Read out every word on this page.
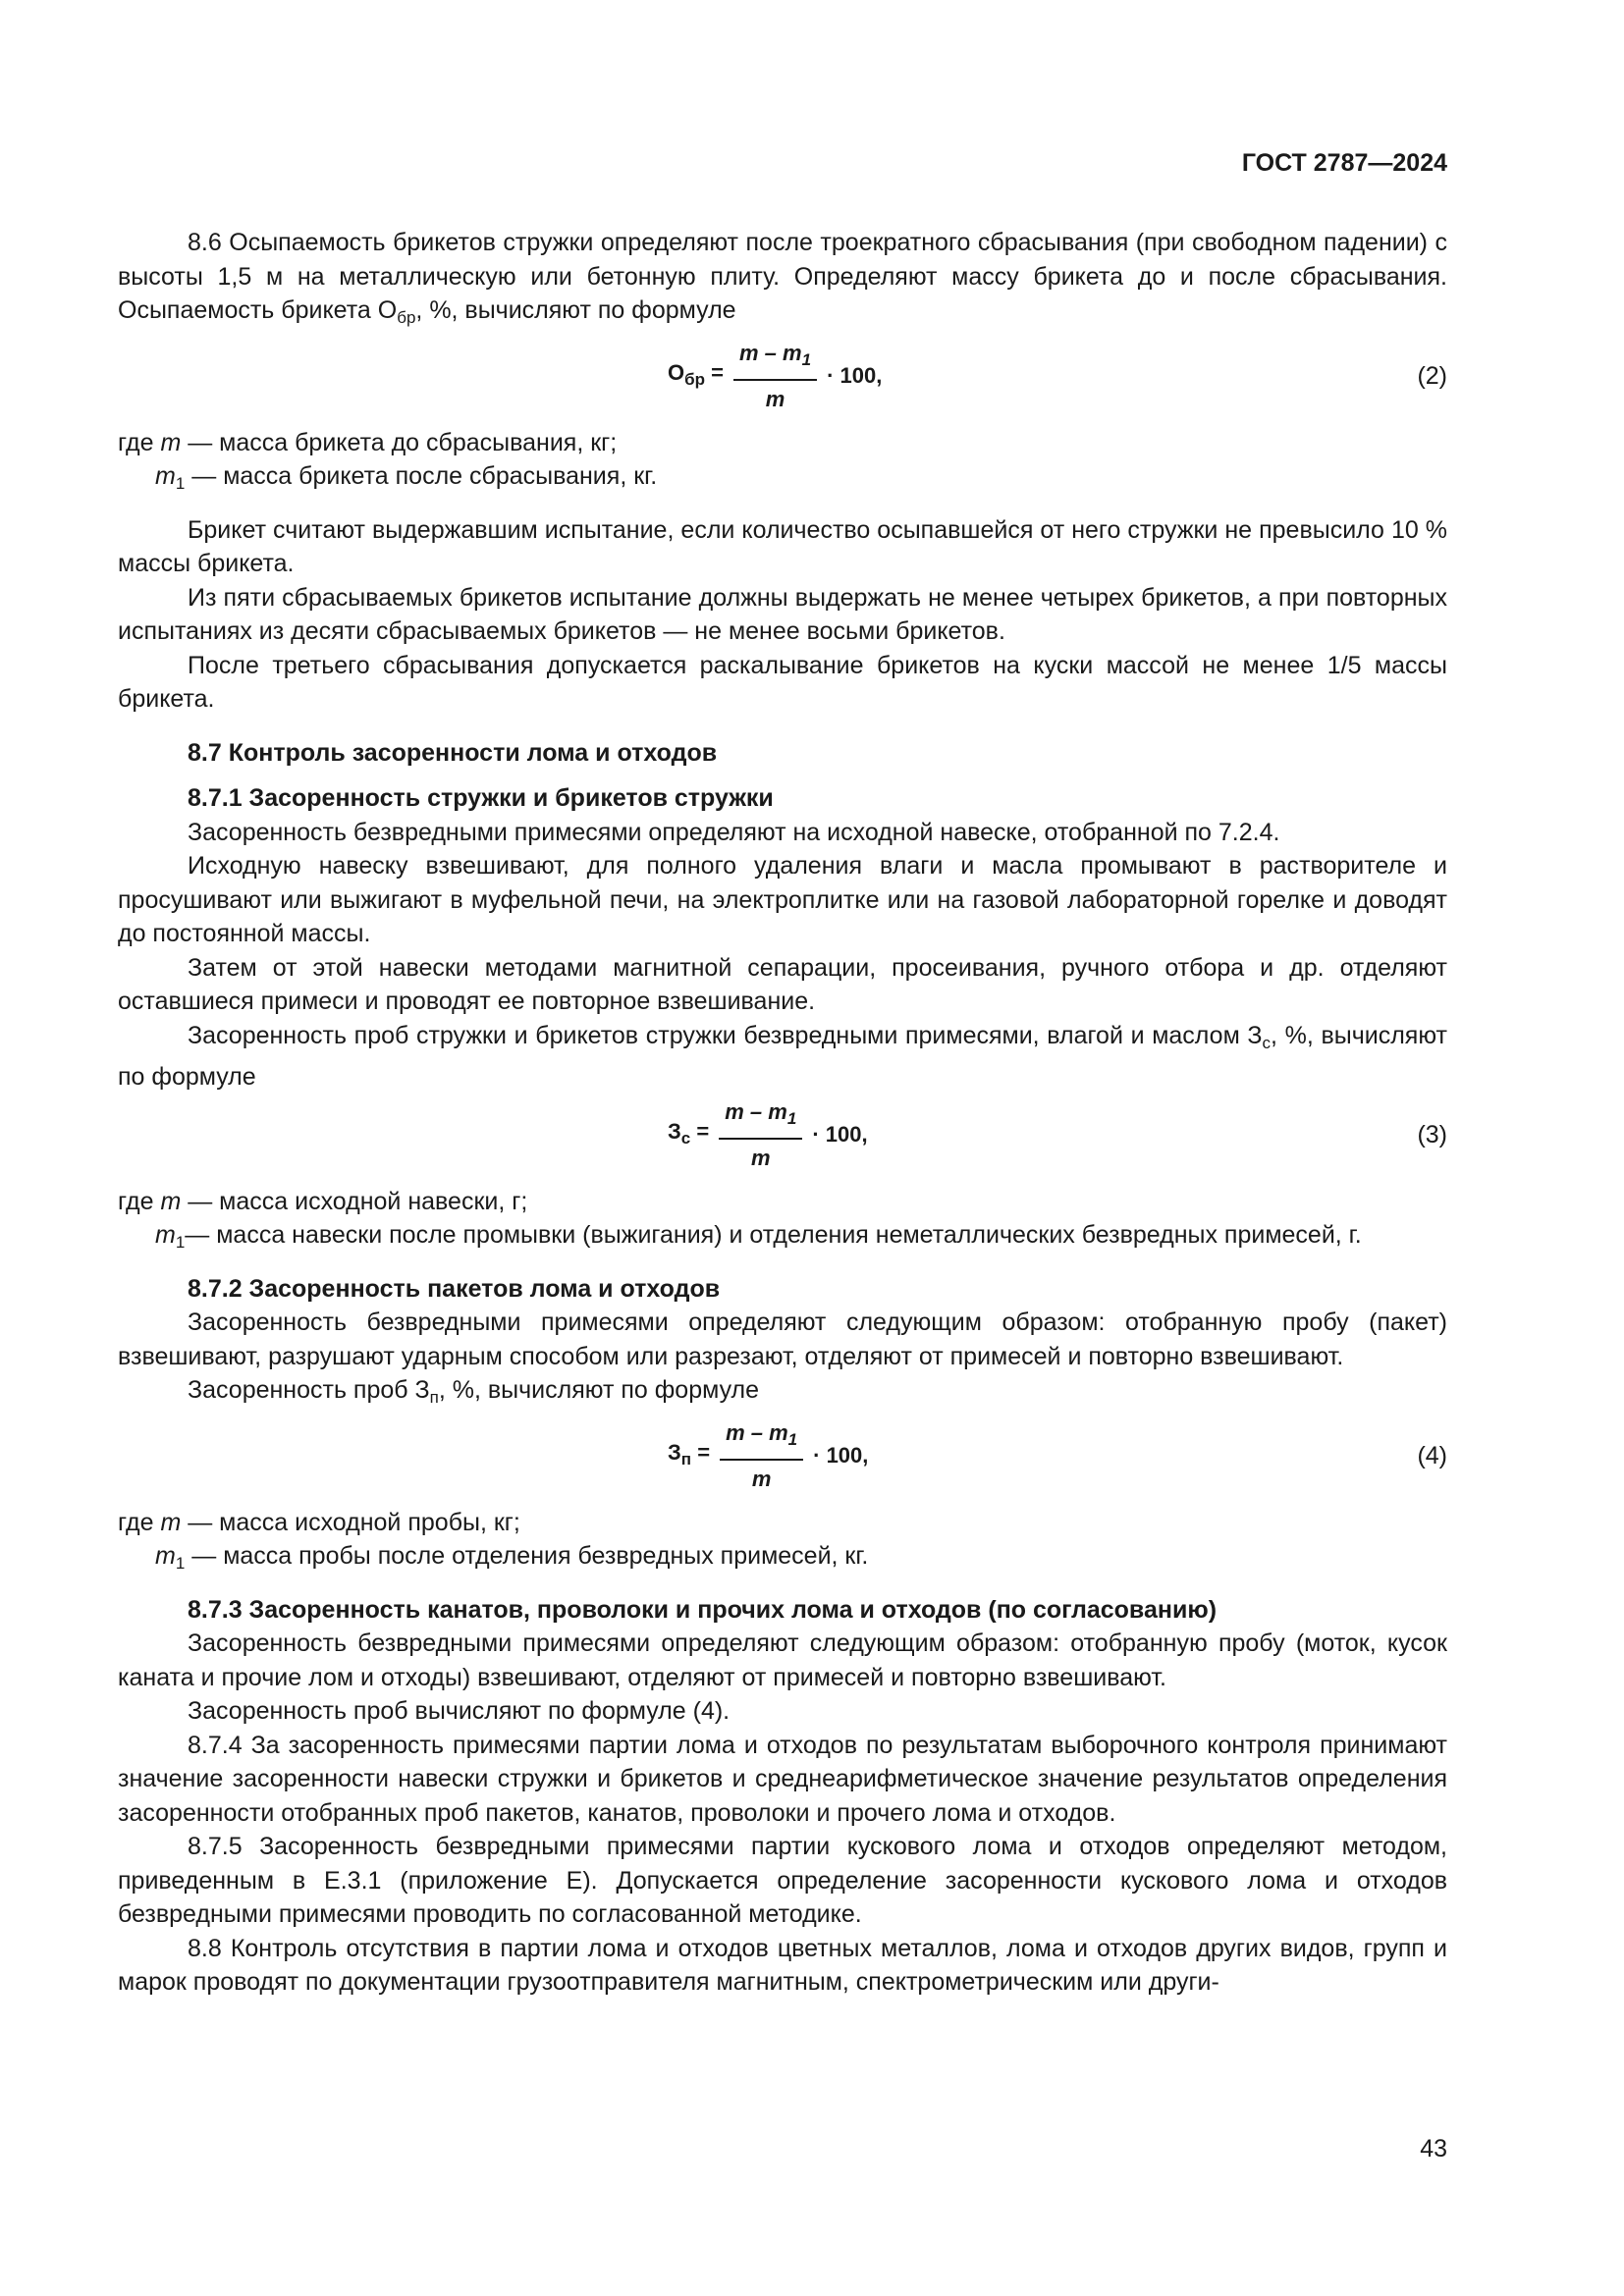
ГОСТ 2787—2024

8.6 Осыпаемость брикетов стружки определяют после троекратного сбрасывания (при свободном падении) с высоты 1,5 м на металлическую или бетонную плиту. Определяют массу брикета до и после сбрасывания. Осыпаемость брикета $О_{бр}$, %, вычисляют по формуле

$О_{бр} = \frac{m - m_1}{m} \cdot 100$,	(2)
где m — масса брикета до сбрасывания, кг;
$m_1$ — масса брикета после сбрасывания, кг.

Брикет считают выдержавшим испытание, если количество осыпавшейся от него стружки не превысило 10 % массы брикета.

Из пяти сбрасываемых брикетов испытание должны выдержать не менее четырех брикетов, а при повторных испытаниях из десяти сбрасываемых брикетов — не менее восьми брикетов.

После третьего сбрасывания допускается раскалывание брикетов на куски массой не менее 1/5 массы брикета.

8.7 Контроль засоренности лома и отходов

8.7.1 Засоренность стружки и брикетов стружки

Засоренность безвредными примесями определяют на исходной навеске, отобранной по 7.2.4.

Исходную навеску взвешивают, для полного удаления влаги и масла промывают в растворителе и просушивают или выжигают в муфельной печи, на электроплитке или на газовой лабораторной горелке и доводят до постоянной массы.

Затем от этой навески методами магнитной сепарации, просеивания, ручного отбора и др. отделяют оставшиеся примеси и проводят ее повторное взвешивание.

Засоренность проб стружки и брикетов стружки безвредными примесями, влагой и маслом $З_с$, %, вычисляют по формуле

$З_с = \frac{m - m_1}{m} \cdot 100$,	(3)
где m — масса исходной навески, г;
$m_1$ — масса навески после промывки (выжигания) и отделения неметаллических безвредных примесей, г.

8.7.2 Засоренность пакетов лома и отходов

Засоренность безвредными примесями определяют следующим образом: отобранную пробу (пакет) взвешивают, разрушают ударным способом или разрезают, отделяют от примесей и повторно взвешивают.

Засоренность проб $З_п$, %, вычисляют по формуле

$З_п = \frac{m - m_1}{m} \cdot 100$,	(4)
где m — масса исходной пробы, кг;
$m_1$ — масса пробы после отделения безвредных примесей, кг.

8.7.3 Засоренность канатов, проволоки и прочих лома и отходов (по согласованию)

Засоренность безвредными примесями определяют следующим образом: отобранную пробу (моток, кусок каната и прочие лом и отходы) взвешивают, отделяют от примесей и повторно взвешивают.

Засоренность проб вычисляют по формуле (4).

8.7.4 За засоренность примесями партии лома и отходов по результатам выборочного контроля принимают значение засоренности навески стружки и брикетов и среднеарифметическое значение результатов определения засоренности отобранных проб пакетов, канатов, проволоки и прочего лома и отходов.

8.7.5 Засоренность безвредными примесями партии кускового лома и отходов определяют методом, приведенным в Е.3.1 (приложение Е). Допускается определение засоренности кускового лома и отходов безвредными примесями проводить по согласованной методике.

8.8 Контроль отсутствия в партии лома и отходов цветных металлов, лома и отходов других видов, групп и марок проводят по документации грузоотправителя магнитным, спектрометрическим или други-

43
